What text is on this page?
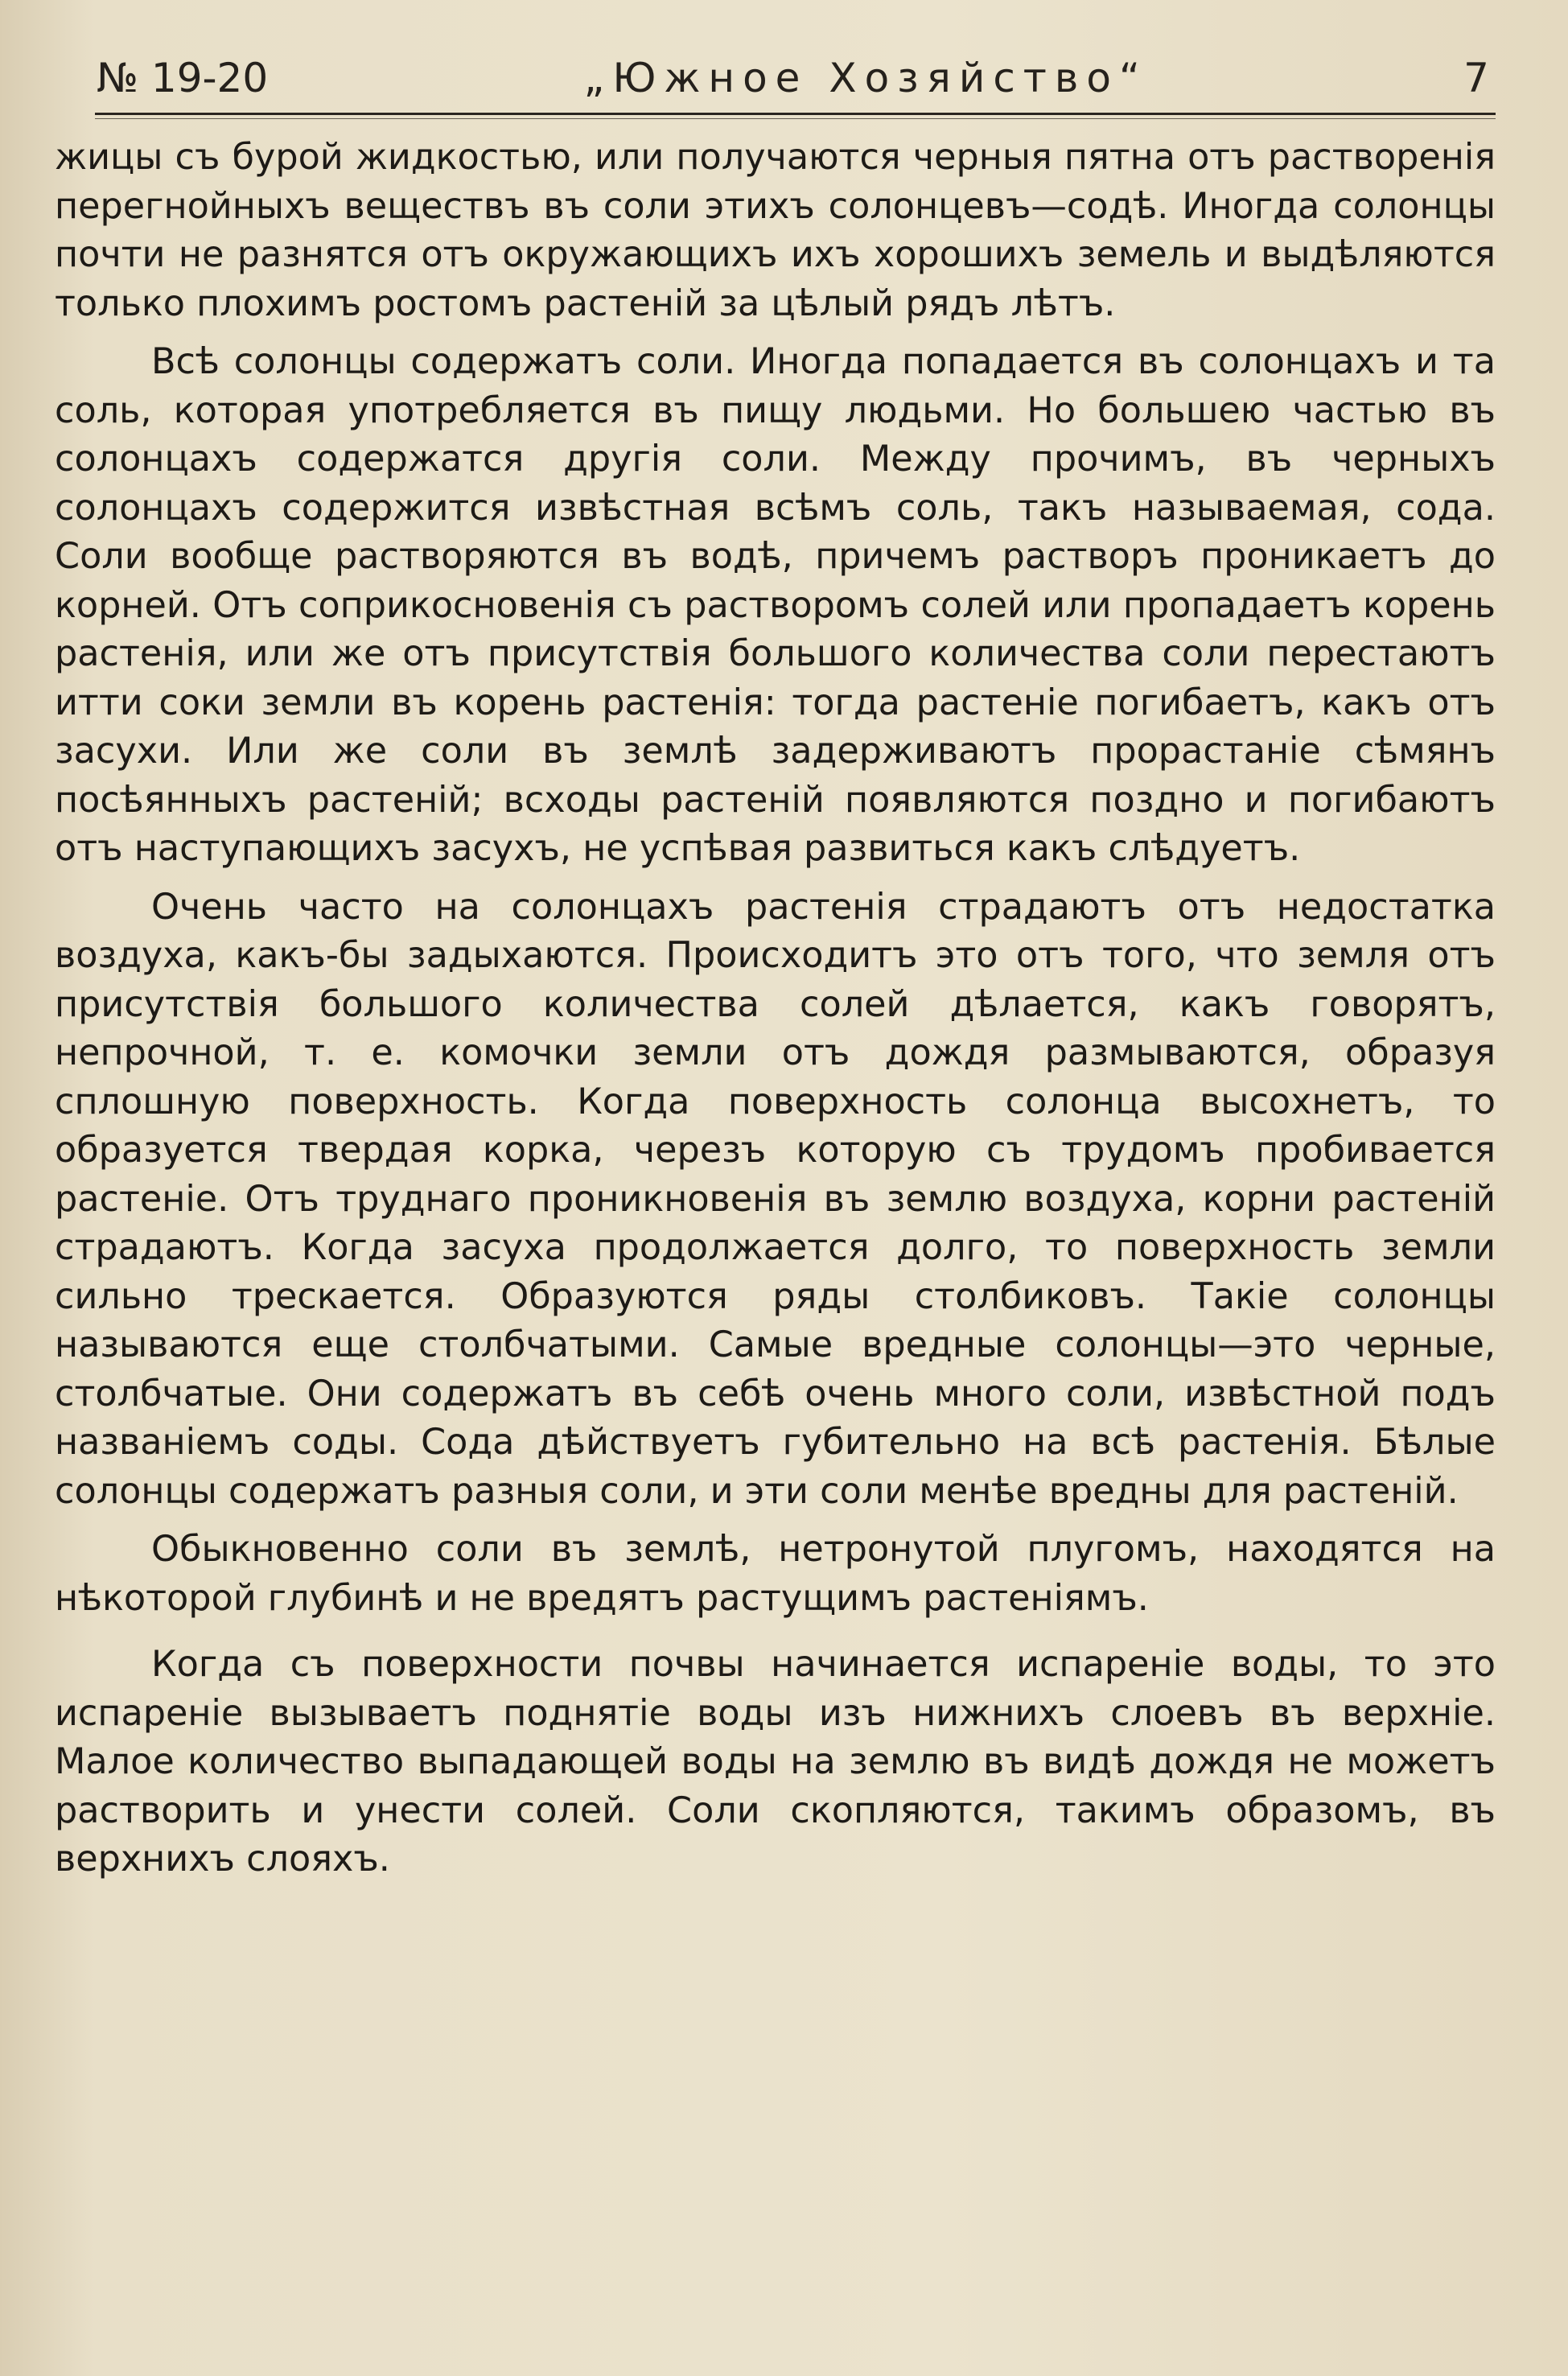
№ 19-20	„Южное Хозяйство“	7

жицы съ бурой жидкостью, или получаются черныя пятна отъ растворенія перегнойныхъ веществъ въ соли этихъ солонцевъ—содѣ. Иногда солонцы почти не разнятся отъ окружающихъ ихъ хорошихъ земель и выдѣляются только плохимъ ростомъ растеній за цѣлый рядъ лѣтъ.

Всѣ солонцы содержатъ соли. Иногда попадается въ солонцахъ и та соль, которая употребляется въ пищу людьми. Но большею частью въ солонцахъ содержатся другія соли. Между прочимъ, въ черныхъ солонцахъ содержится извѣстная всѣмъ соль, такъ называемая, сода. Соли вообще растворяются въ водѣ, причемъ растворъ проникаетъ до корней. Отъ соприкосновенія съ растворомъ солей или пропадаетъ корень растенія, или же отъ присутствія большого количества соли перестаютъ итти соки земли въ корень растенія: тогда растеніе погибаетъ, какъ отъ засухи. Или же соли въ землѣ задерживаютъ прорастаніе сѣмянъ посѣянныхъ растеній; всходы растеній появляются поздно и погибаютъ отъ наступающихъ засухъ, не успѣвая развиться какъ слѣдуетъ.

Очень часто на солонцахъ растенія страдаютъ отъ недостатка воздуха, какъ-бы задыхаются. Происходитъ это отъ того, что земля отъ присутствія большого количества солей дѣлается, какъ говорятъ, непрочной, т. е. комочки земли отъ дождя размываются, образуя сплошную поверхность. Когда поверхность солонца высохнетъ, то образуется твердая корка, черезъ которую съ трудомъ пробивается растеніе. Отъ труднаго проникновенія въ землю воздуха, корни растеній страдаютъ. Когда засуха продолжается долго, то поверхность земли сильно трескается. Образуются ряды столбиковъ. Такіе солонцы называются еще столбчатыми. Самые вредные солонцы—это черные, столбчатые. Они содержатъ въ себѣ очень много соли, извѣстной подъ названіемъ соды. Сода дѣйствуетъ губительно на всѣ растенія. Бѣлые солонцы содержатъ разныя соли, и эти соли менѣе вредны для растеній.

Обыкновенно соли въ землѣ, нетронутой плугомъ, находятся на нѣкоторой глубинѣ и не вредятъ растущимъ растеніямъ.

Когда съ поверхности почвы начинается испареніе воды, то это испареніе вызываетъ поднятіе воды изъ нижнихъ слоевъ въ верхніе. Малое количество выпадающей воды на землю въ видѣ дождя не можетъ растворить и унести солей. Соли скопляются, такимъ образомъ, въ верхнихъ слояхъ.
